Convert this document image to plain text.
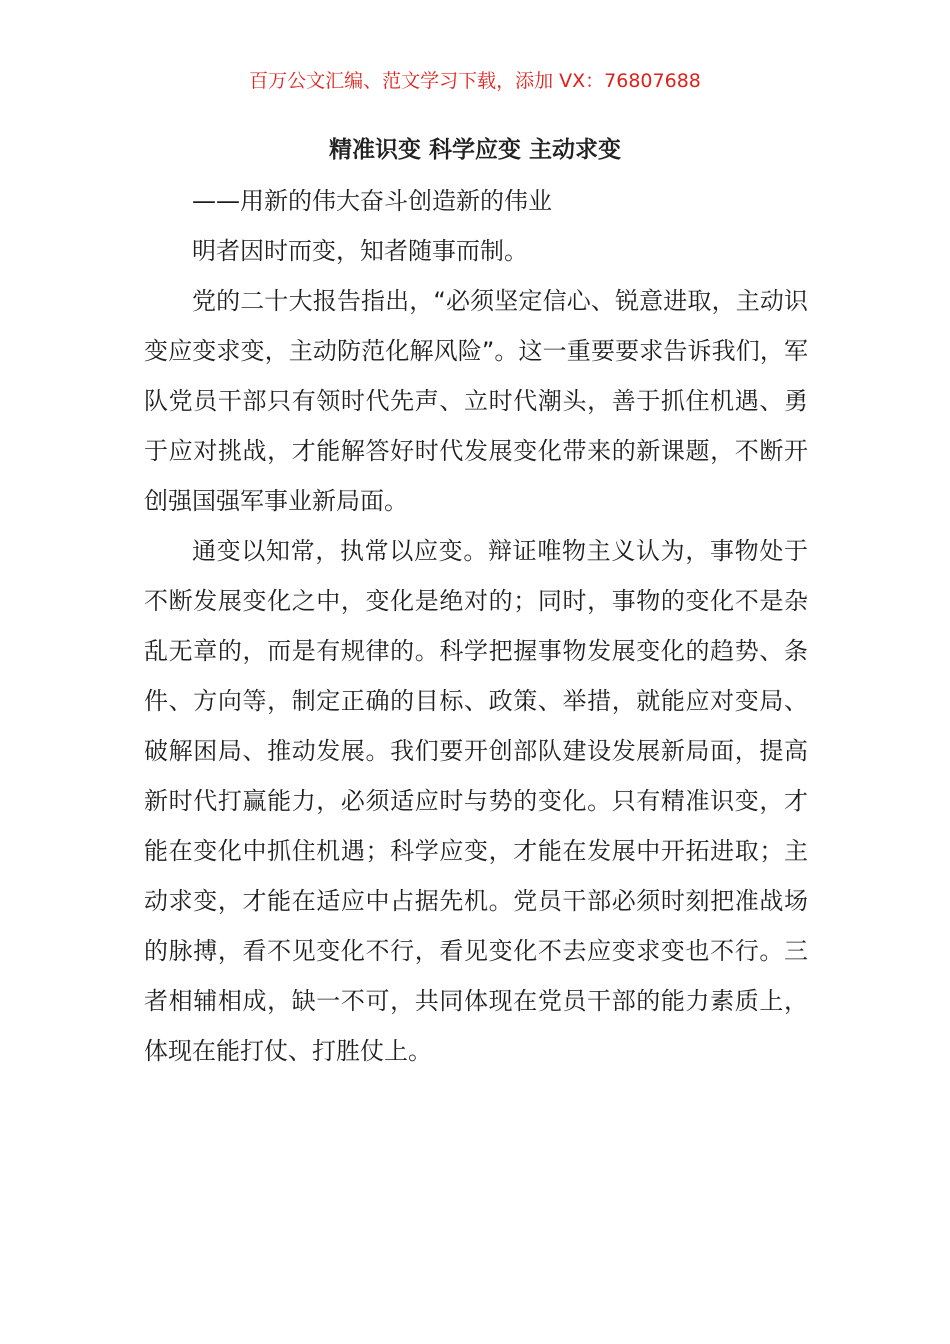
百万公文汇编、范文学习下载，添加 VX：76807688
精准识变 科学应变 主动求变

——用新的伟大奋斗创造新的伟业

明者因时而变，知者随事而制。

党的二十大报告指出，“必须坚定信心、锐意进取，主动识变应变求变，主动防范化解风险”。这一重要要求告诉我们，军队党员干部只有领时代先声、立时代潮头，善于抓住机遇、勇于应对挑战，才能解答好时代发展变化带来的新课题，不断开创强国强军事业新局面。

通变以知常，执常以应变。辩证唯物主义认为，事物处于不断发展变化之中，变化是绝对的；同时，事物的变化不是杂乱无章的，而是有规律的。科学把握事物发展变化的趋势、条件、方向等，制定正确的目标、政策、举措，就能应对变局、破解困局、推动发展。我们要开创部队建设发展新局面，提高新时代打赢能力，必须适应时与势的变化。只有精准识变，才能在变化中抓住机遇；科学应变，才能在发展中开拓进取；主动求变，才能在适应中占据先机。党员干部必须时刻把准战场的脉搏，看不见变化不行，看见变化不去应变求变也不行。三者相辅相成，缺一不可，共同体现在党员干部的能力素质上，体现在能打仗、打胜仗上。
